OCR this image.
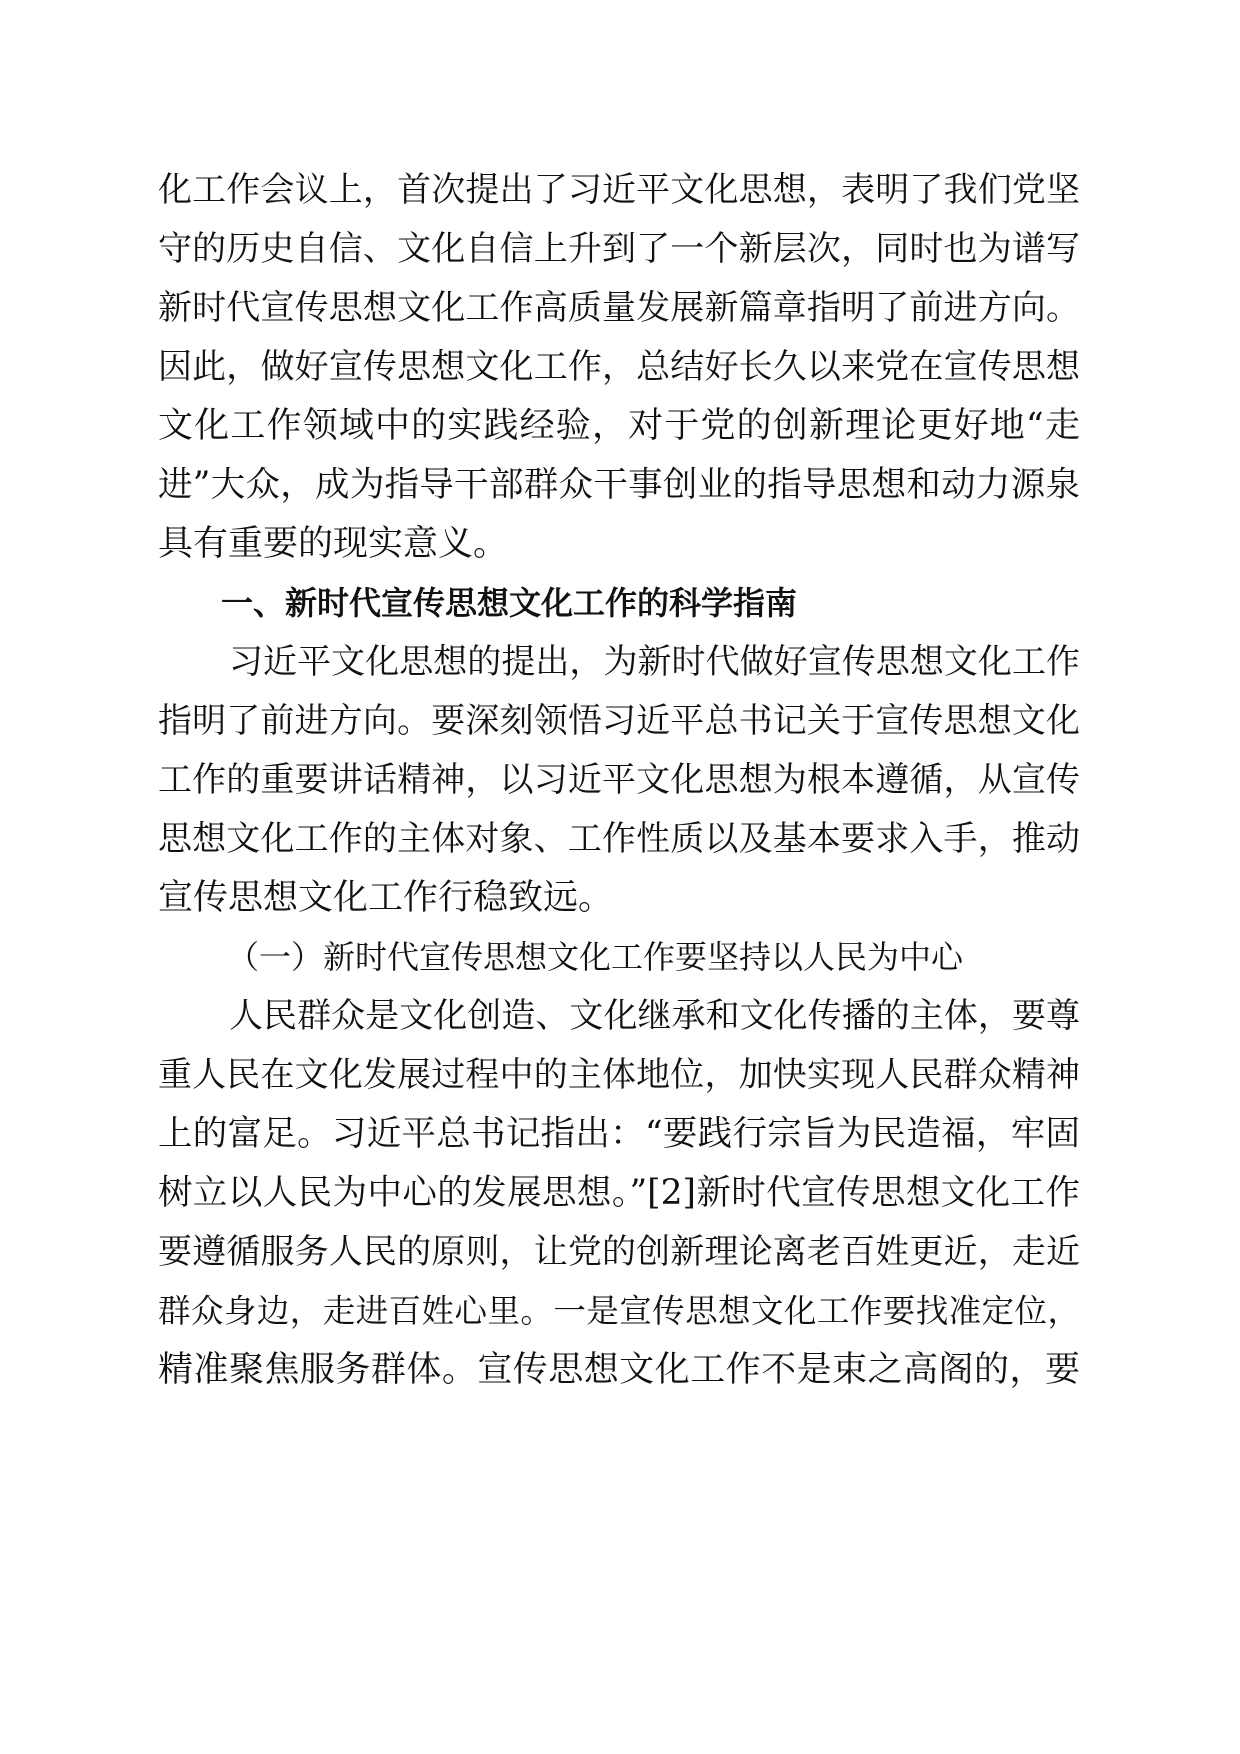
化工作会议上，首次提出了习近平文化思想，表明了我们党坚
守的历史自信、文化自信上升到了一个新层次，同时也为谱写
新时代宣传思想文化工作高质量发展新篇章指明了前进方向。
因此，做好宣传思想文化工作，总结好长久以来党在宣传思想
文化工作领域中的实践经验，对于党的创新理论更好地“走
进”大众，成为指导干部群众干事创业的指导思想和动力源泉
具有重要的现实意义。
一、新时代宣传思想文化工作的科学指南
习近平文化思想的提出，为新时代做好宣传思想文化工作
指明了前进方向。要深刻领悟习近平总书记关于宣传思想文化
工作的重要讲话精神，以习近平文化思想为根本遵循，从宣传
思想文化工作的主体对象、工作性质以及基本要求入手，推动
宣传思想文化工作行稳致远。
（一）新时代宣传思想文化工作要坚持以人民为中心
人民群众是文化创造、文化继承和文化传播的主体，要尊
重人民在文化发展过程中的主体地位，加快实现人民群众精神
上的富足。习近平总书记指出：“要践行宗旨为民造福，牢固
树立以人民为中心的发展思想。”[2]新时代宣传思想文化工作
要遵循服务人民的原则，让党的创新理论离老百姓更近，走近
群众身边，走进百姓心里。一是宣传思想文化工作要找准定位，
精准聚焦服务群体。宣传思想文化工作不是束之高阁的，要
